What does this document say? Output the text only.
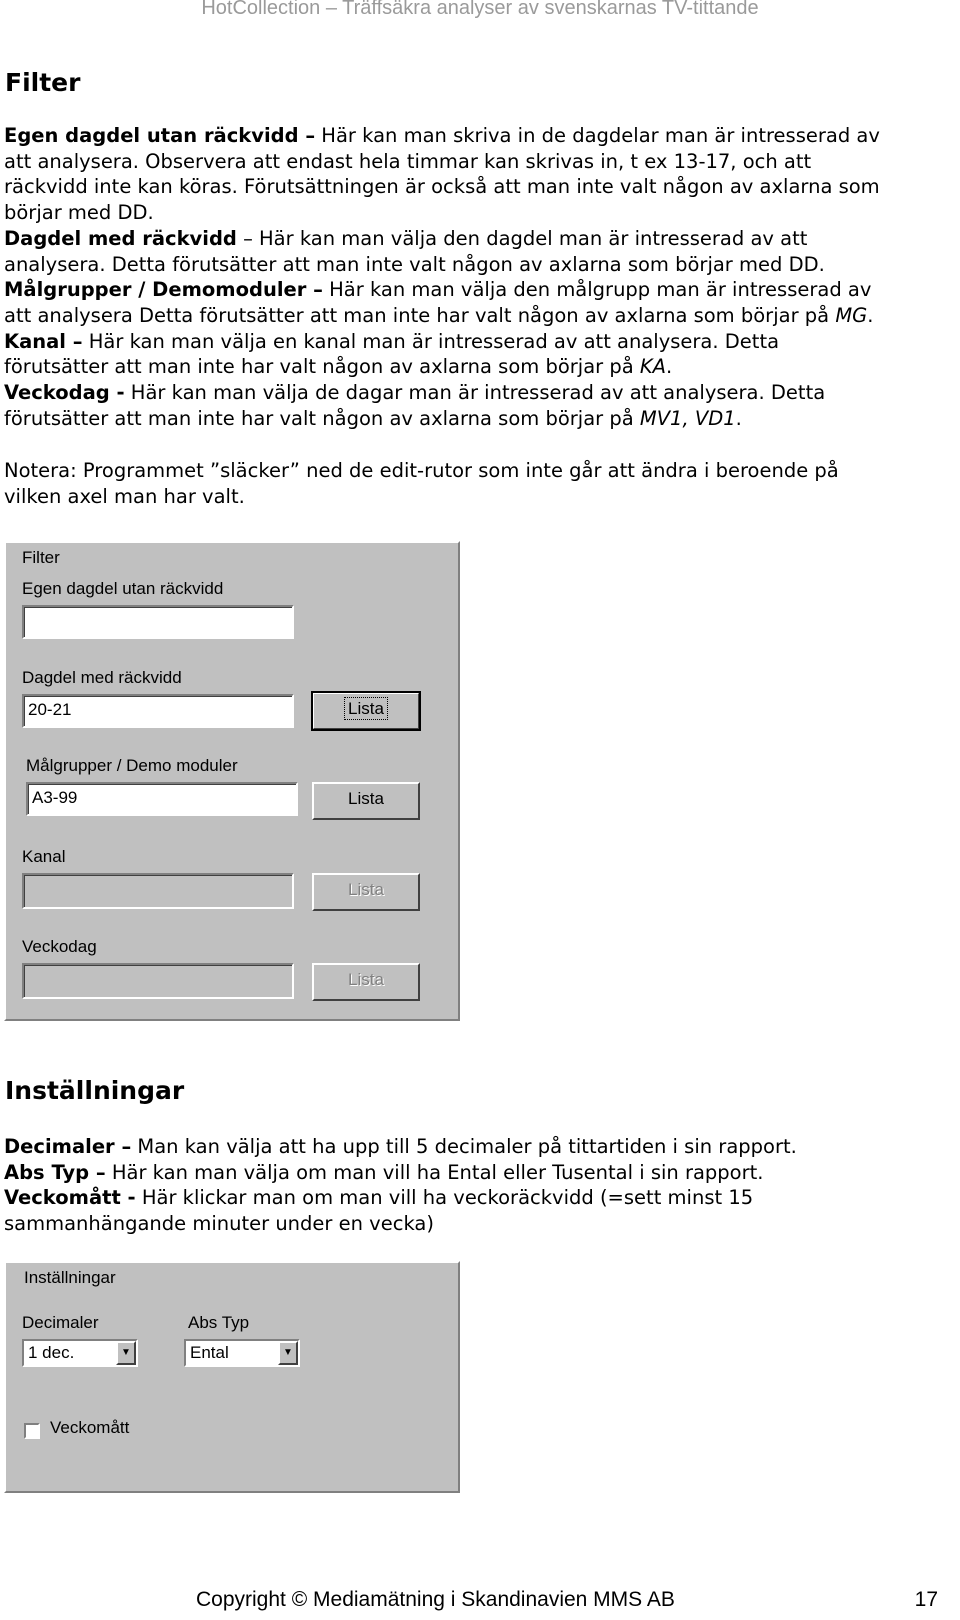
HotCollection – Träffsäkra analyser av svenskarnas TV-tittande
Filter
Egen dagdel utan räckvidd – Här kan man skriva in de dagdelar man är intresserad av
att analysera. Observera att endast hela timmar kan skrivas in, t ex 13-17, och att
räckvidd inte kan köras. Förutsättningen är också att man inte valt någon av axlarna som
börjar med DD.
Dagdel med räckvidd – Här kan man välja den dagdel man är intresserad av att
analysera. Detta förutsätter att man inte valt någon av axlarna som börjar med DD.
Målgrupper / Demomoduler – Här kan man välja den målgrupp man är intresserad av
att analysera Detta förutsätter att man inte har valt någon av axlarna som börjar på MG.
Kanal – Här kan man välja en kanal man är intresserad av att analysera. Detta
förutsätter att man inte har valt någon av axlarna som börjar på KA.
Veckodag - Här kan man välja de dagar man är intresserad av att analysera. Detta
förutsätter att man inte har valt någon av axlarna som börjar på MV1, VD1.
Notera: Programmet ”släcker” ned de edit-rutor som inte går att ändra i beroende på
vilken axel man har valt.
Filter
Egen dagdel utan räckvidd
Dagdel med räckvidd
20-21	Lista
Målgrupper / Demo moduler
A3-99	Lista
Kanal
Lista
Veckodag
Lista
Inställningar
Decimaler – Man kan välja att ha upp till 5 decimaler på tittartiden i sin rapport.
Abs Typ – Här kan man välja om man vill ha Ental eller Tusental i sin rapport.
Veckomått - Här klickar man om man vill ha veckoräckvidd (=sett minst 15
sammanhängande minuter under en vecka)
Inställningar
Decimaler
1 dec.	▼
Abs Typ
Ental	▼
Veckomått
Copyright © Mediamätning i Skandinavien MMS AB	17
